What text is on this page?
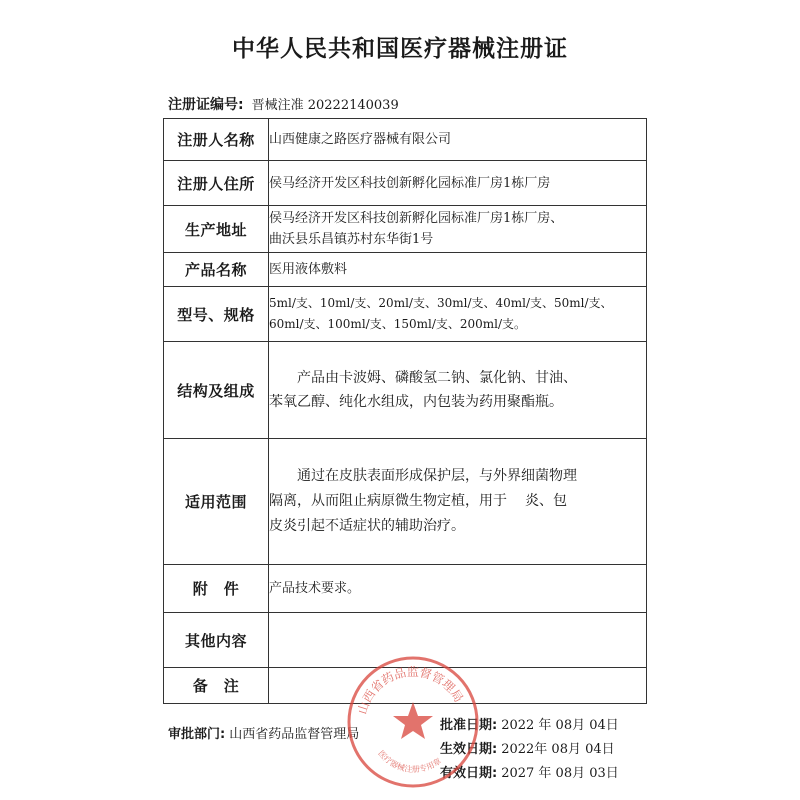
中华人民共和国医疗器械注册证
注册证编号: 晋械注准 20222140039
注册人名称	山西健康之路医疗器械有限公司

注册人住所	侯马经济开发区科技创新孵化园标准厂房1栋厂房

生产地址	侯马经济开发区科技创新孵化园标准厂房1栋厂房、
曲沃县乐昌镇苏村东华街1号

产品名称	医用液体敷料

型号、规格	5ml/支、10ml/支、20ml/支、30ml/支、40ml/支、50ml/支、
60ml/支、100ml/支、150ml/支、200ml/支。

结构及组成	产品由卡波姆、磷酸氢二钠、氯化钠、甘油、
苯氧乙醇、纯化水组成，内包装为药用聚酯瓶。

适用范围	通过在皮肤表面形成保护层，与外界细菌物理
隔离，从而阻止病原微生物定植，用于    炎、包
皮炎引起不适症状的辅助治疗。

附　件	产品技术要求。

其他内容	

备　注	
审批部门: 山西省药品监督管理局
批准日期: 2022 年 08月 04日
生效日期: 2022年 08月 04日
有效日期: 2027 年 08月 03日
山西省药品监督管理局
医疗器械注册专用章
